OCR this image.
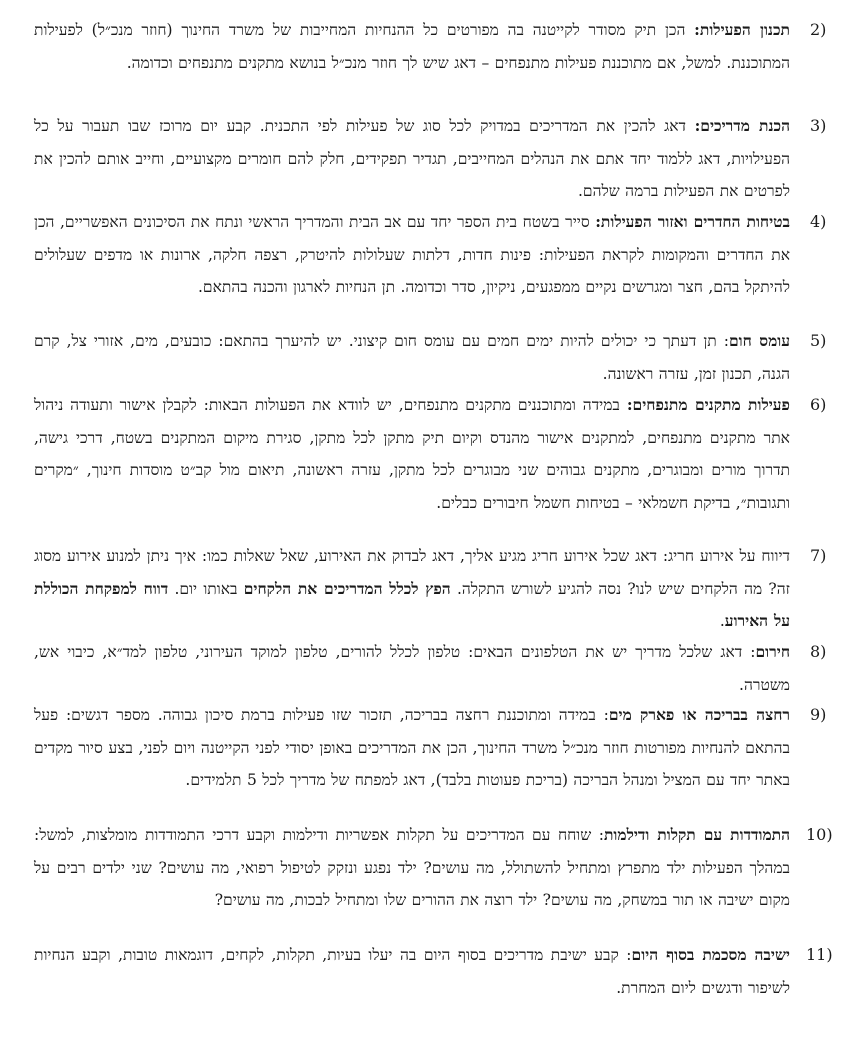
2)
תכנון הפעילות: הכן תיק מסודר לקייטנה בה מפורטים כל ההנחיות המחייבות של משרד החינוך (חוזר מנכ״ל) לפעילות המתוכננת. למשל, אם מתוכננת פעילות מתנפחים – דאג שיש לך חוזר מנכ״ל בנושא מתקנים מתנפחים וכדומה.
3)
הכנת מדריכים: דאג להכין את המדריכים במדויק לכל סוג של פעילות לפי התכנית. קבע יום מרוכז שבו תעבור על כל הפעילויות, דאג ללמוד יחד אתם את הנהלים המחייבים, תגדיר תפקידים, חלק להם חומרים מקצועיים, וחייב אותם להכין את לפרטים את הפעילות ברמה שלהם.
4)
בטיחות החדרים ואזור הפעילות: סייר בשטח בית הספר יחד עם אב הבית והמדריך הראשי ונתח את הסיכונים האפשריים, הכן את החדרים והמקומות לקראת הפעילות: פינות חדות, דלתות שעלולות להיטרק, רצפה חלקה, ארונות או מדפים שעלולים להיתקל בהם, חצר ומגרשים נקיים ממפגעים, ניקיון, סדר וכדומה. תן הנחיות לארגון והכנה בהתאם.
5)
עומס חום: תן דעתך כי יכולים להיות ימים חמים עם עומס חום קיצוני. יש להיערך בהתאם: כובעים, מים, אזורי צל, קרם הגנה, תכנון זמן, עזרה ראשונה.
6)
פעילות מתקנים מתנפחים: במידה ומתוכננים מתקנים מתנפחים, יש לוודא את הפעולות הבאות: לקבלן אישור ותעודה ניהול אתר מתקנים מתנפחים, למתקנים אישור מהנדס וקיום תיק מתקן לכל מתקן, סגירת מיקום המתקנים בשטח, דרכי גישה, תדרוך מורים ומבוגרים, מתקנים גבוהים שני מבוגרים לכל מתקן, עזרה ראשונה, תיאום מול קב״ט מוסדות חינוך, ״מקרים ותגובות״, בדיקת חשמלאי – בטיחות חשמל חיבורים כבלים.
7)
דיווח על אירוע חריג: דאג שכל אירוע חריג מגיע אליך, דאג לבדוק את האירוע, שאל שאלות כמו: איך ניתן למנוע אירוע מסוג זה? מה הלקחים שיש לנו? נסה להגיע לשורש התקלה. הפץ לכלל המדריכים את הלקחים באותו יום. דווח למפקחת הכוללת על האירוע.
8)
חירום: דאג שלכל מדריך יש את הטלפונים הבאים: טלפון לכלל להורים, טלפון למוקד העירוני, טלפון למד״א, כיבוי אש, משטרה.
9)
רחצה בבריכה או פארק מים: במידה ומתוכננת רחצה בבריכה, תזכור שזו פעילות ברמת סיכון גבוהה. מספר דגשים: פעל בהתאם להנחיות מפורטות חוזר מנכ״ל משרד החינוך, הכן את המדריכים באופן יסודי לפני הקייטנה ויום לפני, בצע סיור מקדים באתר יחד עם המציל ומנהל הבריכה (בריכת פעוטות בלבד), דאג למפתח של מדריך לכל 5 תלמידים.
10)
התמודדות עם תקלות ודילמות: שוחח עם המדריכים על תקלות אפשריות ודילמות וקבע דרכי התמודדות מומלצות, למשל: במהלך הפעילות ילד מתפרץ ומתחיל להשתולל, מה עושים? ילד נפגע ונזקק לטיפול רפואי, מה עושים? שני ילדים רבים על מקום ישיבה או תור במשחק, מה עושים? ילד רוצה את ההורים שלו ומתחיל לבכות, מה עושים?
11)
ישיבה מסכמת בסוף היום: קבע ישיבת מדריכים בסוף היום בה יעלו בעיות, תקלות, לקחים, דוגמאות טובות, וקבע הנחיות לשיפור ודגשים ליום המחרת.
